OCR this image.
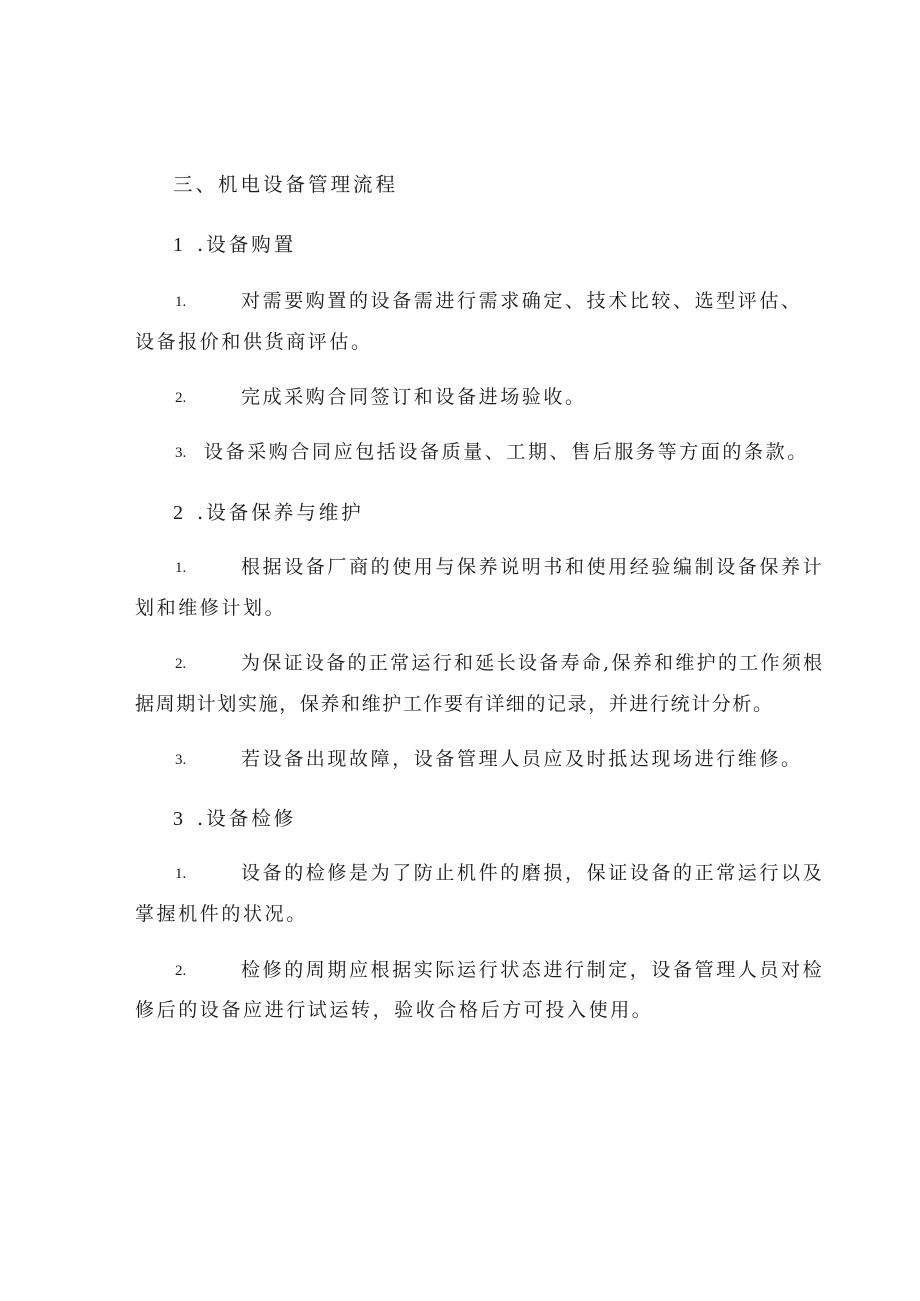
三、机电设备管理流程
1 .设备购置
1.	对需要购置的设备需进行需求确定、技术比较、选型评估、
设备报价和供货商评估。
2.	完成采购合同签订和设备进场验收。
3. 设备采购合同应包括设备质量、工期、售后服务等方面的条款。
2 .设备保养与维护
1.	根据设备厂商的使用与保养说明书和使用经验编制设备保养计
划和维修计划。
2.	为保证设备的正常运行和延长设备寿命,保养和维护的工作须根
据周期计划实施，保养和维护工作要有详细的记录，并进行统计分析。
3.	若设备出现故障，设备管理人员应及时抵达现场进行维修。
3 .设备检修
1.	设备的检修是为了防止机件的磨损，保证设备的正常运行以及
掌握机件的状况。
2.	检修的周期应根据实际运行状态进行制定，设备管理人员对检
修后的设备应进行试运转，验收合格后方可投入使用。
